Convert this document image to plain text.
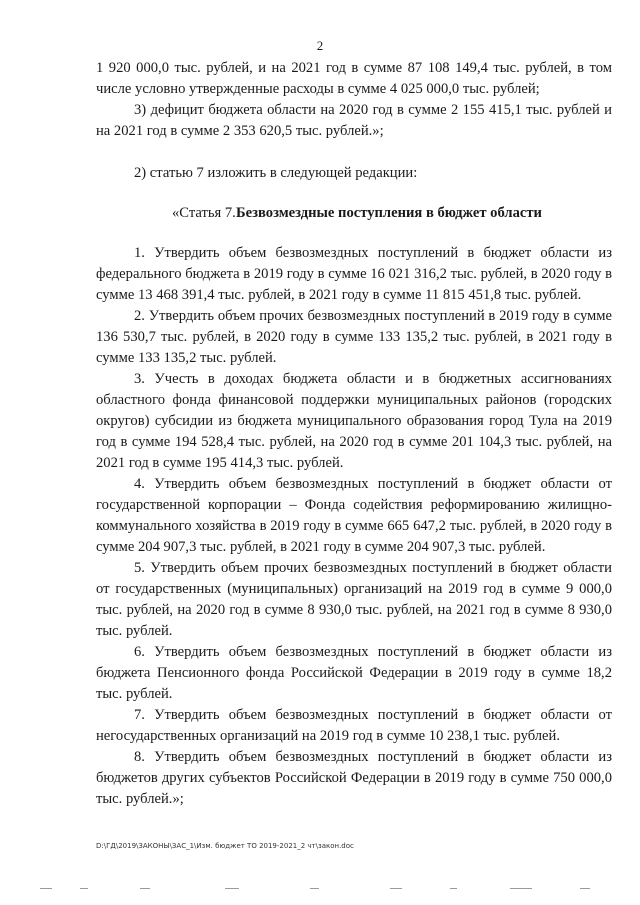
2

1 920 000,0 тыс. рублей, и на 2021 год в сумме 87 108 149,4 тыс. рублей, в том числе условно утвержденные расходы в сумме 4 025 000,0 тыс. рублей;

3) дефицит бюджета области на 2020 год в сумме 2 155 415,1 тыс. рублей и на 2021 год в сумме 2 353 620,5 тыс. рублей.»;

2) статью 7 изложить в следующей редакции:

«Статья 7.Безвозмездные поступления в бюджет области

1. Утвердить объем безвозмездных поступлений в бюджет области из федерального бюджета в 2019 году в сумме 16 021 316,2 тыс. рублей, в 2020 году в сумме 13 468 391,4 тыс. рублей, в 2021 году в сумме 11 815 451,8 тыс. рублей.

2. Утвердить объем прочих безвозмездных поступлений в 2019 году в сумме 136 530,7 тыс. рублей, в 2020 году в сумме 133 135,2 тыс. рублей, в 2021 году в сумме 133 135,2 тыс. рублей.

3. Учесть в доходах бюджета области и в бюджетных ассигнованиях областного фонда финансовой поддержки муниципальных районов (городских округов) субсидии из бюджета муниципального образования город Тула на 2019 год в сумме 194 528,4 тыс. рублей, на 2020 год в сумме 201 104,3 тыс. рублей, на 2021 год в сумме 195 414,3 тыс. рублей.

4. Утвердить объем безвозмездных поступлений в бюджет области от государственной корпорации – Фонда содействия реформированию жилищно-коммунального хозяйства в 2019 году в сумме 665 647,2 тыс. рублей, в 2020 году в сумме 204 907,3 тыс. рублей, в 2021 году в сумме 204 907,3 тыс. рублей.

5. Утвердить объем прочих безвозмездных поступлений в бюджет области от государственных (муниципальных) организаций на 2019 год в сумме 9 000,0 тыс. рублей, на 2020 год в сумме 8 930,0 тыс. рублей, на 2021 год в сумме 8 930,0 тыс. рублей.

6. Утвердить объем безвозмездных поступлений в бюджет области из бюджета Пенсионного фонда Российской Федерации в 2019 году в сумме 18,2 тыс. рублей.

7. Утвердить объем безвозмездных поступлений в бюджет области от негосударственных организаций на 2019 год в сумме 10 238,1 тыс. рублей.

8. Утвердить объем безвозмездных поступлений в бюджет области из бюджетов других субъектов Российской Федерации в 2019 году в сумме 750 000,0 тыс. рублей.»;

D:\ГД\2019\ЗАКОНЫ\ЗАС_1\Изм. бюджет ТО 2019-2021_2 чт\закон.doc
